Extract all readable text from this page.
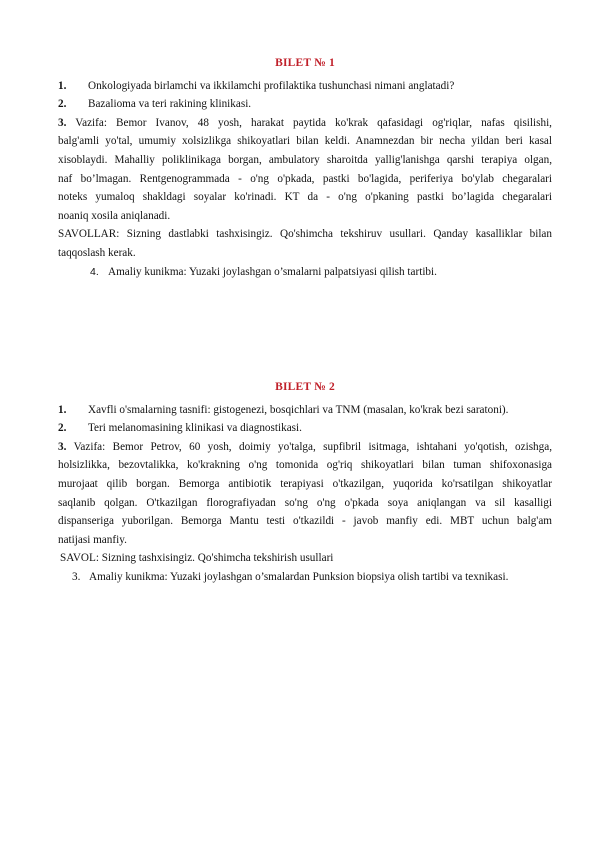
BILET № 1
1. Onkologiyada birlamchi va ikkilamchi profilaktika tushunchasi nimani anglatadi?
2. Bazalioma va teri rakining klinikasi.
3. Vazifa: Bemor Ivanov, 48 yosh, harakat paytida ko'krak qafasidagi og'riqlar, nafas qisilishi,
balg'amli yo'tal, umumiy xolsizlikga shikoyatlari bilan keldi. Anamnezdan bir necha yildan beri kasal
xisoblaydi. Mahalliy poliklinikaga borgan, ambulatory sharoitda yallig'lanishga qarshi terapiya olgan,
naf bo’lmagan. Rentgenogrammada - o'ng o'pkada, pastki bo'lagida, periferiya bo'ylab chegaralari
noteks yumaloq shakldagi soyalar ko'rinadi. KT da - o'ng o'pkaning pastki bo’lagida chegaralari
noaniq xosila aniqlanadi.
SAVOLLAR: Sizning dastlabki tashxisingiz. Qo'shimcha tekshiruv usullari. Qanday kasalliklar bilan
taqqoslash kerak.
4. Amaliy kunikma: Yuzaki joylashgan o’smalarni palpatsiyasi qilish tartibi.
BILET № 2
1. Xavfli o'smalarning tasnifi: gistogenezi, bosqichlari va TNM (masalan, ko'krak bezi saratoni).
2. Teri melanomasining klinikasi va diagnostikasi.
3. Vazifa: Bemor Petrov, 60 yosh, doimiy yo'talga, supfibril isitmaga, ishtahani yo'qotish, ozishga,
holsizlikka, bezovtalikka, ko'krakning o'ng tomonida og'riq shikoyatlari bilan tuman shifoxonasiga
murojaat qilib borgan. Bemorga antibiotik terapiyasi o'tkazilgan, yuqorida ko'rsatilgan shikoyatlar
saqlanib qolgan. O'tkazilgan florografiyadan so'ng o'ng o'pkada soya aniqlangan va sil kasalligi
dispanseriga yuborilgan. Bemorga Mantu testi o'tkazildi - javob manfiy edi. MBT uchun balg'am
natijasi manfiy.
SAVOL: Sizning tashxisingiz. Qo'shimcha tekshirish usullari
3. Amaliy kunikma: Yuzaki joylashgan o’smalardan Punksion biopsiya olish tartibi va texnikasi.
